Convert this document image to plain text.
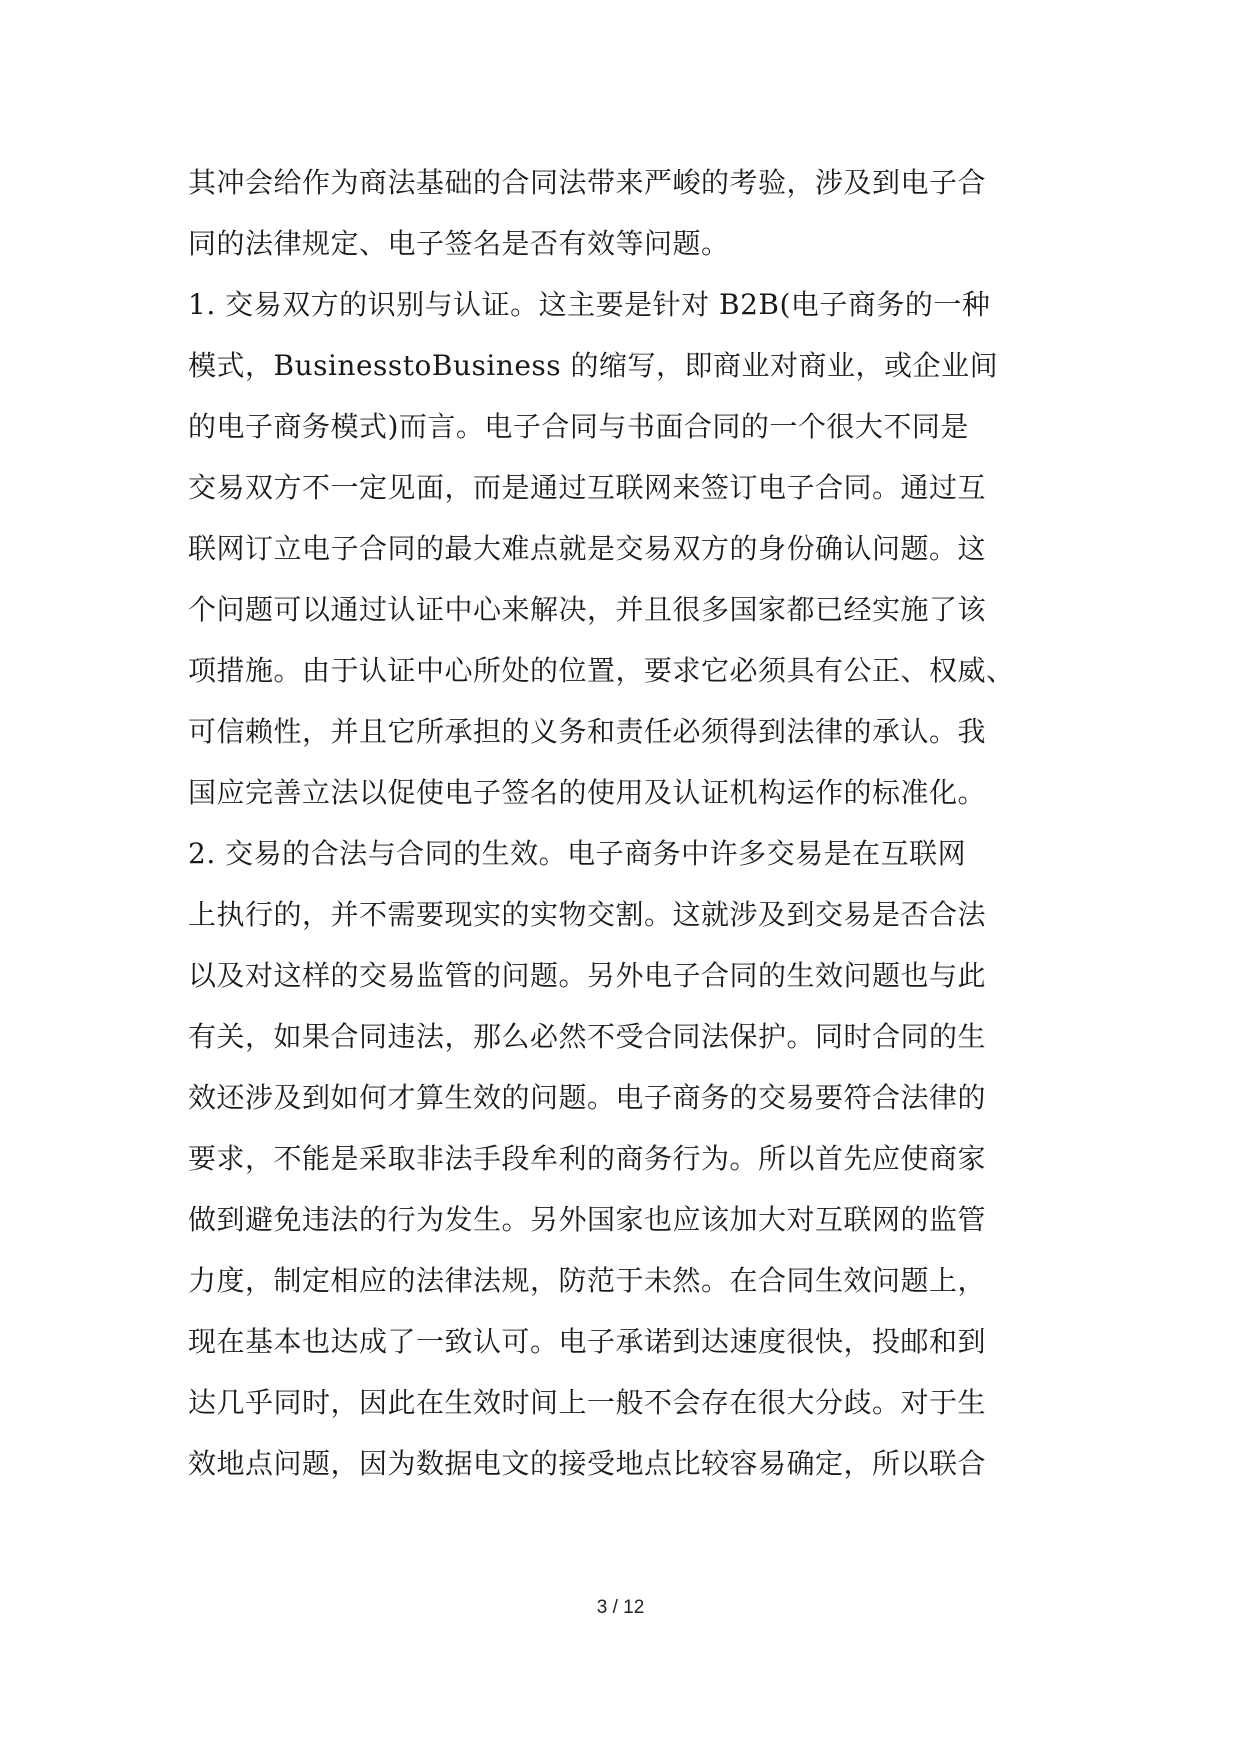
其冲会给作为商法基础的合同法带来严峻的考验，涉及到电子合
同的法律规定、电子签名是否有效等问题。
1. 交易双方的识别与认证。这主要是针对 B2B(电子商务的一种
模式，BusinesstoBusiness 的缩写，即商业对商业，或企业间
的电子商务模式)而言。电子合同与书面合同的一个很大不同是
交易双方不一定见面，而是通过互联网来签订电子合同。通过互
联网订立电子合同的最大难点就是交易双方的身份确认问题。这
个问题可以通过认证中心来解决，并且很多国家都已经实施了该
项措施。由于认证中心所处的位置，要求它必须具有公正、权威、
可信赖性，并且它所承担的义务和责任必须得到法律的承认。我
国应完善立法以促使电子签名的使用及认证机构运作的标准化。
2. 交易的合法与合同的生效。电子商务中许多交易是在互联网
上执行的，并不需要现实的实物交割。这就涉及到交易是否合法
以及对这样的交易监管的问题。另外电子合同的生效问题也与此
有关，如果合同违法，那么必然不受合同法保护。同时合同的生
效还涉及到如何才算生效的问题。电子商务的交易要符合法律的
要求，不能是采取非法手段牟利的商务行为。所以首先应使商家
做到避免违法的行为发生。另外国家也应该加大对互联网的监管
力度，制定相应的法律法规，防范于未然。在合同生效问题上，
现在基本也达成了一致认可。电子承诺到达速度很快，投邮和到
达几乎同时，因此在生效时间上一般不会存在很大分歧。对于生
效地点问题，因为数据电文的接受地点比较容易确定，所以联合
3 / 12
